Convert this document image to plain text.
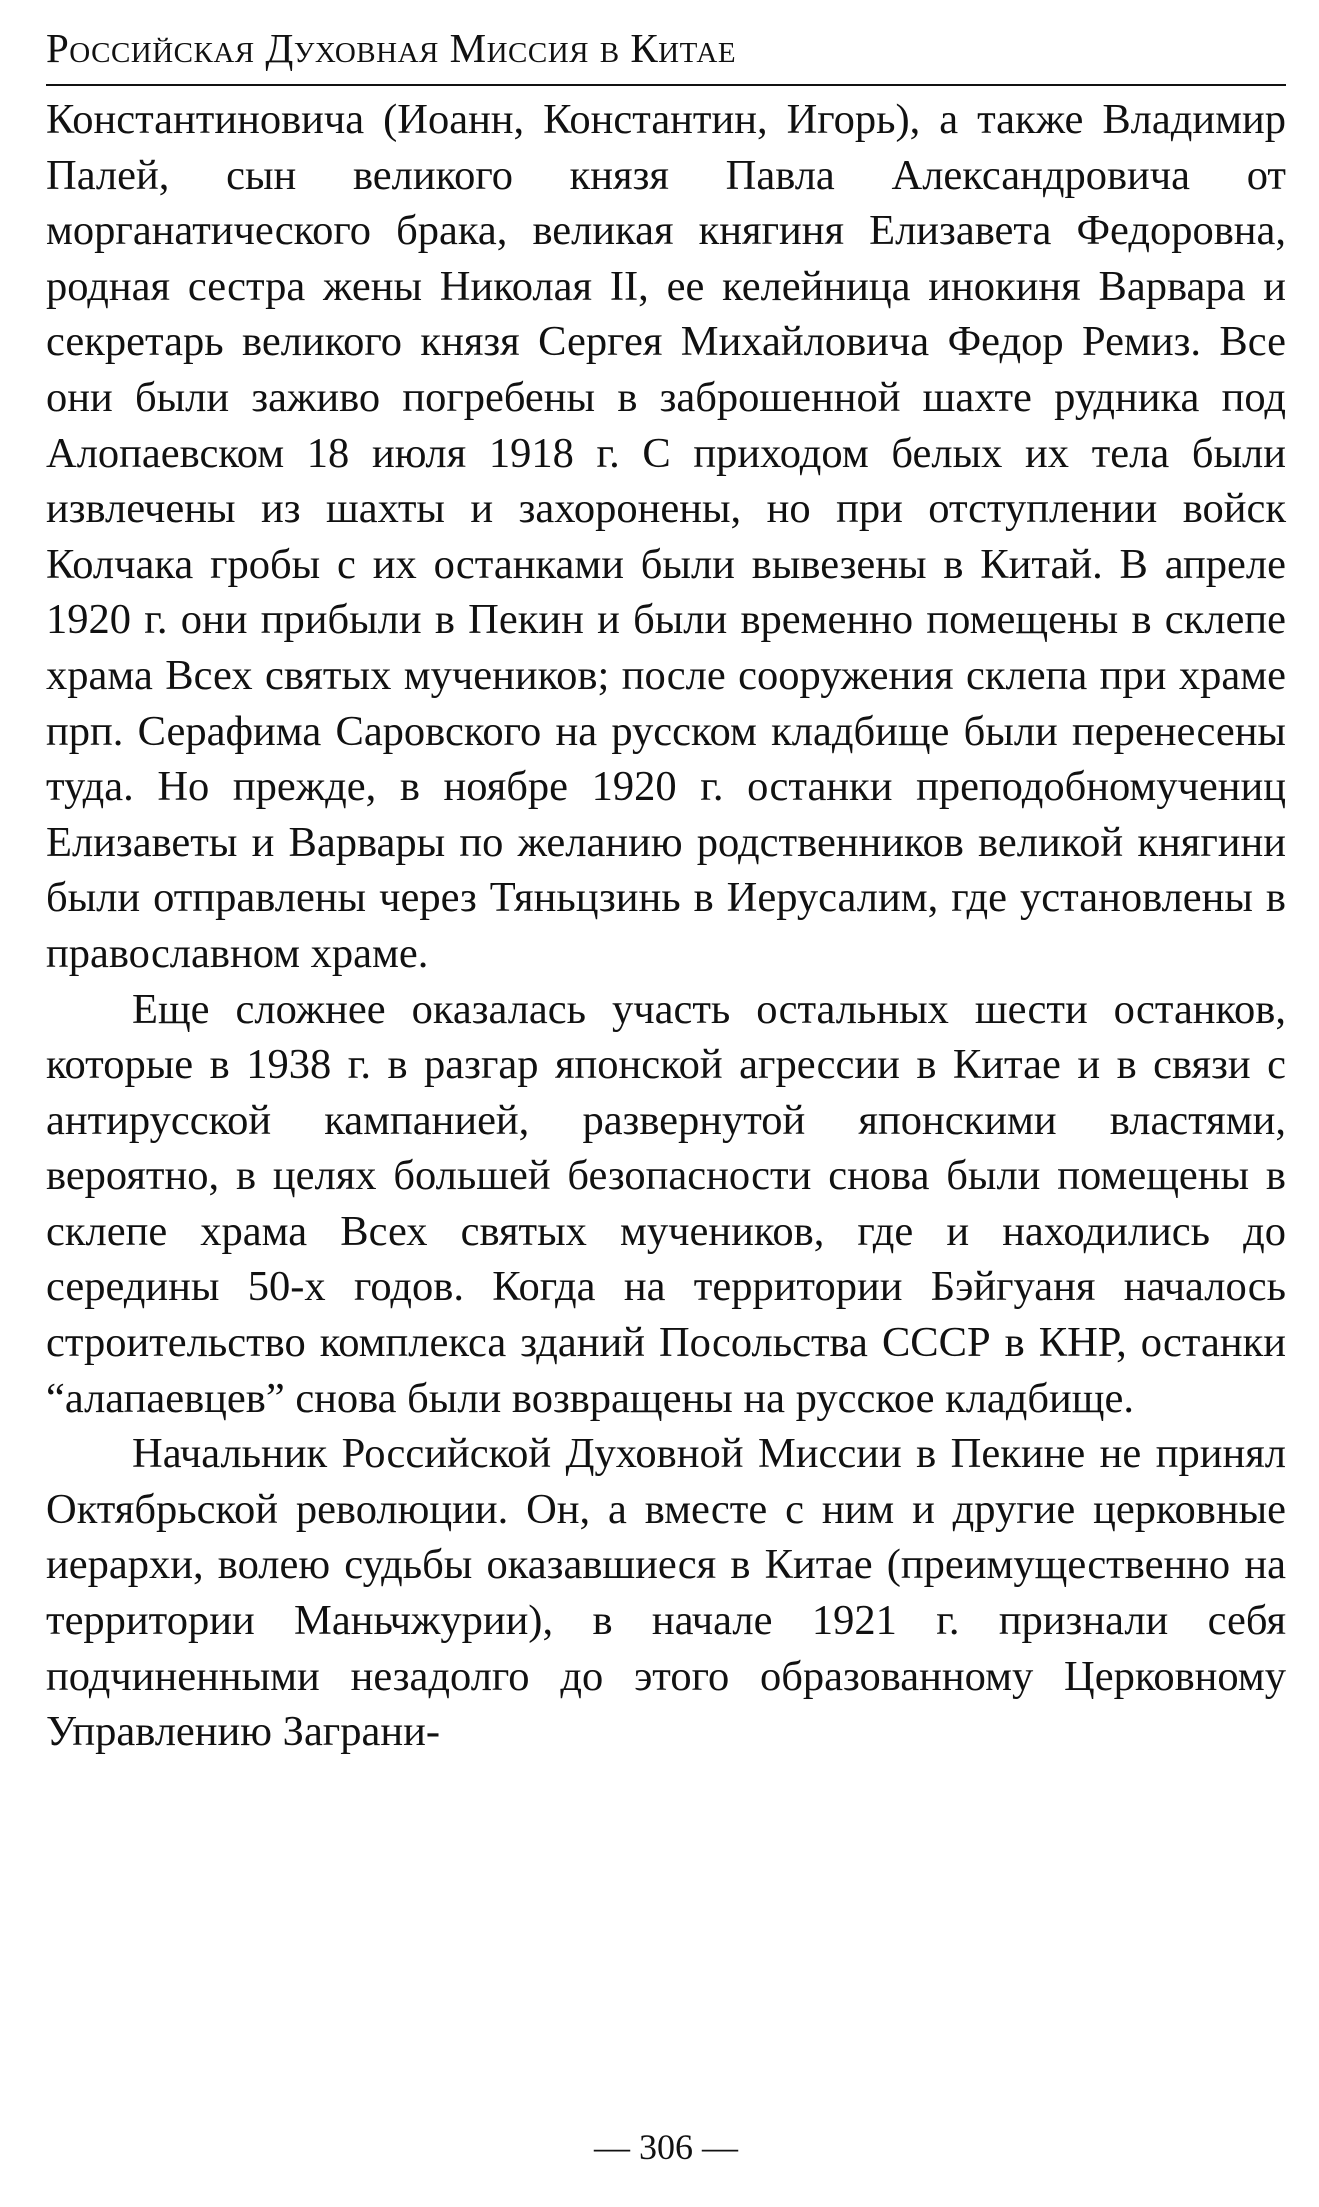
Российская Духовная Миссия в Китае

Константиновича (Иоанн, Константин, Игорь), а также Владимир Палей, сын великого князя Павла Александровича от морганатического брака, великая княгиня Елизавета Федоровна, родная сестра жены Николая II, ее келейница инокиня Варвара и секретарь великого князя Сергея Михайловича Федор Ремиз. Все они были заживо погребены в заброшенной шахте рудника под Алопаевском 18 июля 1918 г. С приходом белых их тела были извлечены из шахты и захоронены, но при отступлении войск Колчака гробы с их останками были вывезены в Китай. В апреле 1920 г. они прибыли в Пекин и были временно помещены в склепе храма Всех святых мучеников; после сооружения склепа при храме прп. Серафима Саровского на русском кладбище были перенесены туда. Но прежде, в ноябре 1920 г. останки преподобномучениц Елизаветы и Варвары по желанию родственников великой княгини были отправлены через Тяньцзинь в Иерусалим, где установлены в православном храме.

Еще сложнее оказалась участь остальных шести останков, которые в 1938 г. в разгар японской агрессии в Китае и в связи с антирусской кампанией, развернутой японскими властями, вероятно, в целях большей безопасности снова были помещены в склепе храма Всех святых мучеников, где и находились до середины 50-х годов. Когда на территории Бэйгуаня началось строительство комплекса зданий Посольства СССР в КНР, останки “алапаевцев” снова были возвращены на русское кладбище.

Начальник Российской Духовной Миссии в Пекине не принял Октябрьской революции. Он, а вместе с ним и другие церковные иерархи, волею судьбы оказавшиеся в Китае (преимущественно на территории Маньчжурии), в начале 1921 г. признали себя подчиненными незадолго до этого образованному Церковному Управлению Заграни-

— 306 —
